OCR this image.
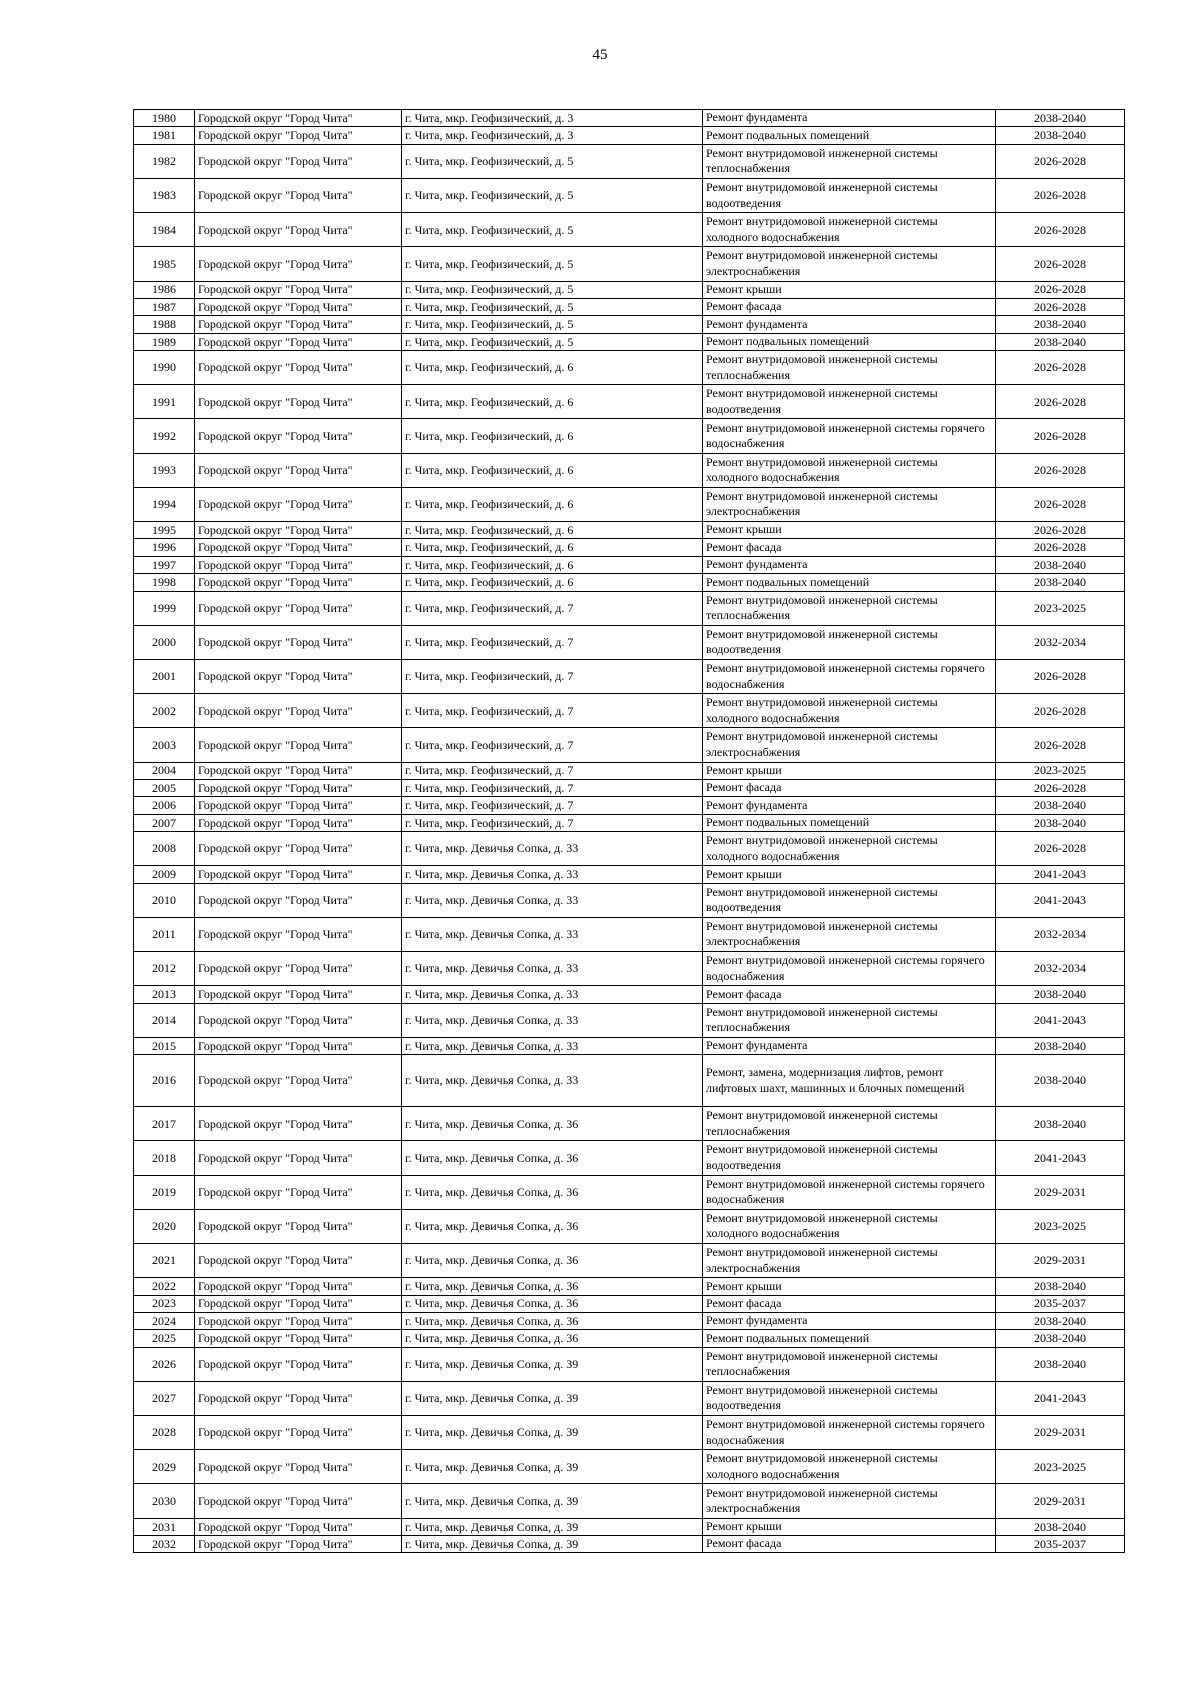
45
1980	Городской округ "Город Чита"	г. Чита, мкр. Геофизический, д. 3	Ремонт фундамента	2038-2040
1981	Городской округ "Город Чита"	г. Чита, мкр. Геофизический, д. 3	Ремонт подвальных помещений	2038-2040
1982	Городской округ "Город Чита"	г. Чита, мкр. Геофизический, д. 5	Ремонт внутридомовой инженерной системы теплоснабжения	2026-2028
1983	Городской округ "Город Чита"	г. Чита, мкр. Геофизический, д. 5	Ремонт внутридомовой инженерной системы водоотведения	2026-2028
1984	Городской округ "Город Чита"	г. Чита, мкр. Геофизический, д. 5	Ремонт внутридомовой инженерной системы холодного водоснабжения	2026-2028
1985	Городской округ "Город Чита"	г. Чита, мкр. Геофизический, д. 5	Ремонт внутридомовой инженерной системы электроснабжения	2026-2028
1986	Городской округ "Город Чита"	г. Чита, мкр. Геофизический, д. 5	Ремонт крыши	2026-2028
1987	Городской округ "Город Чита"	г. Чита, мкр. Геофизический, д. 5	Ремонт фасада	2026-2028
1988	Городской округ "Город Чита"	г. Чита, мкр. Геофизический, д. 5	Ремонт фундамента	2038-2040
1989	Городской округ "Город Чита"	г. Чита, мкр. Геофизический, д. 5	Ремонт подвальных помещений	2038-2040
1990	Городской округ "Город Чита"	г. Чита, мкр. Геофизический, д. 6	Ремонт внутридомовой инженерной системы теплоснабжения	2026-2028
1991	Городской округ "Город Чита"	г. Чита, мкр. Геофизический, д. 6	Ремонт внутридомовой инженерной системы водоотведения	2026-2028
1992	Городской округ "Город Чита"	г. Чита, мкр. Геофизический, д. 6	Ремонт внутридомовой инженерной системы горячего водоснабжения	2026-2028
1993	Городской округ "Город Чита"	г. Чита, мкр. Геофизический, д. 6	Ремонт внутридомовой инженерной системы холодного водоснабжения	2026-2028
1994	Городской округ "Город Чита"	г. Чита, мкр. Геофизический, д. 6	Ремонт внутридомовой инженерной системы электроснабжения	2026-2028
1995	Городской округ "Город Чита"	г. Чита, мкр. Геофизический, д. 6	Ремонт крыши	2026-2028
1996	Городской округ "Город Чита"	г. Чита, мкр. Геофизический, д. 6	Ремонт фасада	2026-2028
1997	Городской округ "Город Чита"	г. Чита, мкр. Геофизический, д. 6	Ремонт фундамента	2038-2040
1998	Городской округ "Город Чита"	г. Чита, мкр. Геофизический, д. 6	Ремонт подвальных помещений	2038-2040
1999	Городской округ "Город Чита"	г. Чита, мкр. Геофизический, д. 7	Ремонт внутридомовой инженерной системы теплоснабжения	2023-2025
2000	Городской округ "Город Чита"	г. Чита, мкр. Геофизический, д. 7	Ремонт внутридомовой инженерной системы водоотведения	2032-2034
2001	Городской округ "Город Чита"	г. Чита, мкр. Геофизический, д. 7	Ремонт внутридомовой инженерной системы горячего водоснабжения	2026-2028
2002	Городской округ "Город Чита"	г. Чита, мкр. Геофизический, д. 7	Ремонт внутридомовой инженерной системы холодного водоснабжения	2026-2028
2003	Городской округ "Город Чита"	г. Чита, мкр. Геофизический, д. 7	Ремонт внутридомовой инженерной системы электроснабжения	2026-2028
2004	Городской округ "Город Чита"	г. Чита, мкр. Геофизический, д. 7	Ремонт крыши	2023-2025
2005	Городской округ "Город Чита"	г. Чита, мкр. Геофизический, д. 7	Ремонт фасада	2026-2028
2006	Городской округ "Город Чита"	г. Чита, мкр. Геофизический, д. 7	Ремонт фундамента	2038-2040
2007	Городской округ "Город Чита"	г. Чита, мкр. Геофизический, д. 7	Ремонт подвальных помещений	2038-2040
2008	Городской округ "Город Чита"	г. Чита, мкр. Девичья Сопка, д. 33	Ремонт внутридомовой инженерной системы холодного водоснабжения	2026-2028
2009	Городской округ "Город Чита"	г. Чита, мкр. Девичья Сопка, д. 33	Ремонт крыши	2041-2043
2010	Городской округ "Город Чита"	г. Чита, мкр. Девичья Сопка, д. 33	Ремонт внутридомовой инженерной системы водоотведения	2041-2043
2011	Городской округ "Город Чита"	г. Чита, мкр. Девичья Сопка, д. 33	Ремонт внутридомовой инженерной системы электроснабжения	2032-2034
2012	Городской округ "Город Чита"	г. Чита, мкр. Девичья Сопка, д. 33	Ремонт внутридомовой инженерной системы горячего водоснабжения	2032-2034
2013	Городской округ "Город Чита"	г. Чита, мкр. Девичья Сопка, д. 33	Ремонт фасада	2038-2040
2014	Городской округ "Город Чита"	г. Чита, мкр. Девичья Сопка, д. 33	Ремонт внутридомовой инженерной системы теплоснабжения	2041-2043
2015	Городской округ "Город Чита"	г. Чита, мкр. Девичья Сопка, д. 33	Ремонт фундамента	2038-2040
2016	Городской округ "Город Чита"	г. Чита, мкр. Девичья Сопка, д. 33	Ремонт, замена, модернизация лифтов, ремонт лифтовых шахт, машинных и блочных помещений	2038-2040
2017	Городской округ "Город Чита"	г. Чита, мкр. Девичья Сопка, д. 36	Ремонт внутридомовой инженерной системы теплоснабжения	2038-2040
2018	Городской округ "Город Чита"	г. Чита, мкр. Девичья Сопка, д. 36	Ремонт внутридомовой инженерной системы водоотведения	2041-2043
2019	Городской округ "Город Чита"	г. Чита, мкр. Девичья Сопка, д. 36	Ремонт внутридомовой инженерной системы горячего водоснабжения	2029-2031
2020	Городской округ "Город Чита"	г. Чита, мкр. Девичья Сопка, д. 36	Ремонт внутридомовой инженерной системы холодного водоснабжения	2023-2025
2021	Городской округ "Город Чита"	г. Чита, мкр. Девичья Сопка, д. 36	Ремонт внутридомовой инженерной системы электроснабжения	2029-2031
2022	Городской округ "Город Чита"	г. Чита, мкр. Девичья Сопка, д. 36	Ремонт крыши	2038-2040
2023	Городской округ "Город Чита"	г. Чита, мкр. Девичья Сопка, д. 36	Ремонт фасада	2035-2037
2024	Городской округ "Город Чита"	г. Чита, мкр. Девичья Сопка, д. 36	Ремонт фундамента	2038-2040
2025	Городской округ "Город Чита"	г. Чита, мкр. Девичья Сопка, д. 36	Ремонт подвальных помещений	2038-2040
2026	Городской округ "Город Чита"	г. Чита, мкр. Девичья Сопка, д. 39	Ремонт внутридомовой инженерной системы теплоснабжения	2038-2040
2027	Городской округ "Город Чита"	г. Чита, мкр. Девичья Сопка, д. 39	Ремонт внутридомовой инженерной системы водоотведения	2041-2043
2028	Городской округ "Город Чита"	г. Чита, мкр. Девичья Сопка, д. 39	Ремонт внутридомовой инженерной системы горячего водоснабжения	2029-2031
2029	Городской округ "Город Чита"	г. Чита, мкр. Девичья Сопка, д. 39	Ремонт внутридомовой инженерной системы холодного водоснабжения	2023-2025
2030	Городской округ "Город Чита"	г. Чита, мкр. Девичья Сопка, д. 39	Ремонт внутридомовой инженерной системы электроснабжения	2029-2031
2031	Городской округ "Город Чита"	г. Чита, мкр. Девичья Сопка, д. 39	Ремонт крыши	2038-2040
2032	Городской округ "Город Чита"	г. Чита, мкр. Девичья Сопка, д. 39	Ремонт фасада	2035-2037
